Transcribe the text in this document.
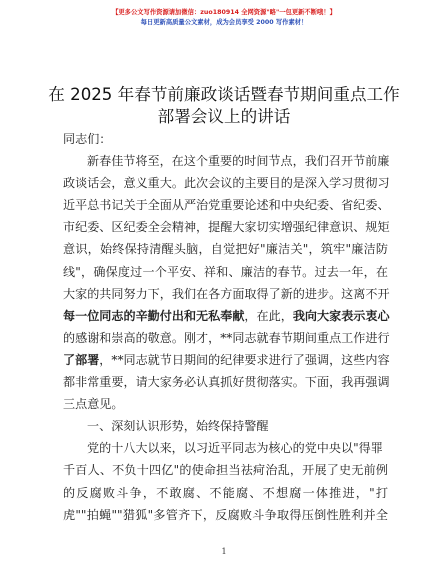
【更多公文写作资源请加微信：zuo180914 全网资源"略"一包更新不断哦！】
每日更新高质量公文素材，成为会员享受 2000 写作素材！
在 2025 年春节前廉政谈话暨春节期间重点工作
部署会议上的讲话
同志们：
新春佳节将至，在这个重要的时间节点，我们召开节前廉
政谈话会，意义重大。此次会议的主要目的是深入学习贯彻习
近平总书记关于全面从严治党重要论述和中央纪委、省纪委、
市纪委、区纪委全会精神，提醒大家切实增强纪律意识、规矩
意识，始终保持清醒头脑，自觉把好"廉洁关"，筑牢"廉洁防
线"，确保度过一个平安、祥和、廉洁的春节。过去一年，在
大家的共同努力下，我们在各方面取得了新的进步。这离不开
每一位同志的辛勤付出和无私奉献，在此，我向大家表示衷心
的感谢和崇高的敬意。刚才，**同志就春节期间重点工作进行
了部署，**同志就节日期间的纪律要求进行了强调，这些内容
都非常重要，请大家务必认真抓好贯彻落实。下面，我再强调
三点意见。
一、深刻认识形势，始终保持警醒
党的十八大以来，以习近平同志为核心的党中央以"得罪
千百人、不负十四亿"的使命担当祛疴治乱，开展了史无前例
的反腐败斗争，不敢腐、不能腐、不想腐一体推进，"打
虎""拍蝇""猎狐"多管齐下，反腐败斗争取得压倒性胜利并全
1
